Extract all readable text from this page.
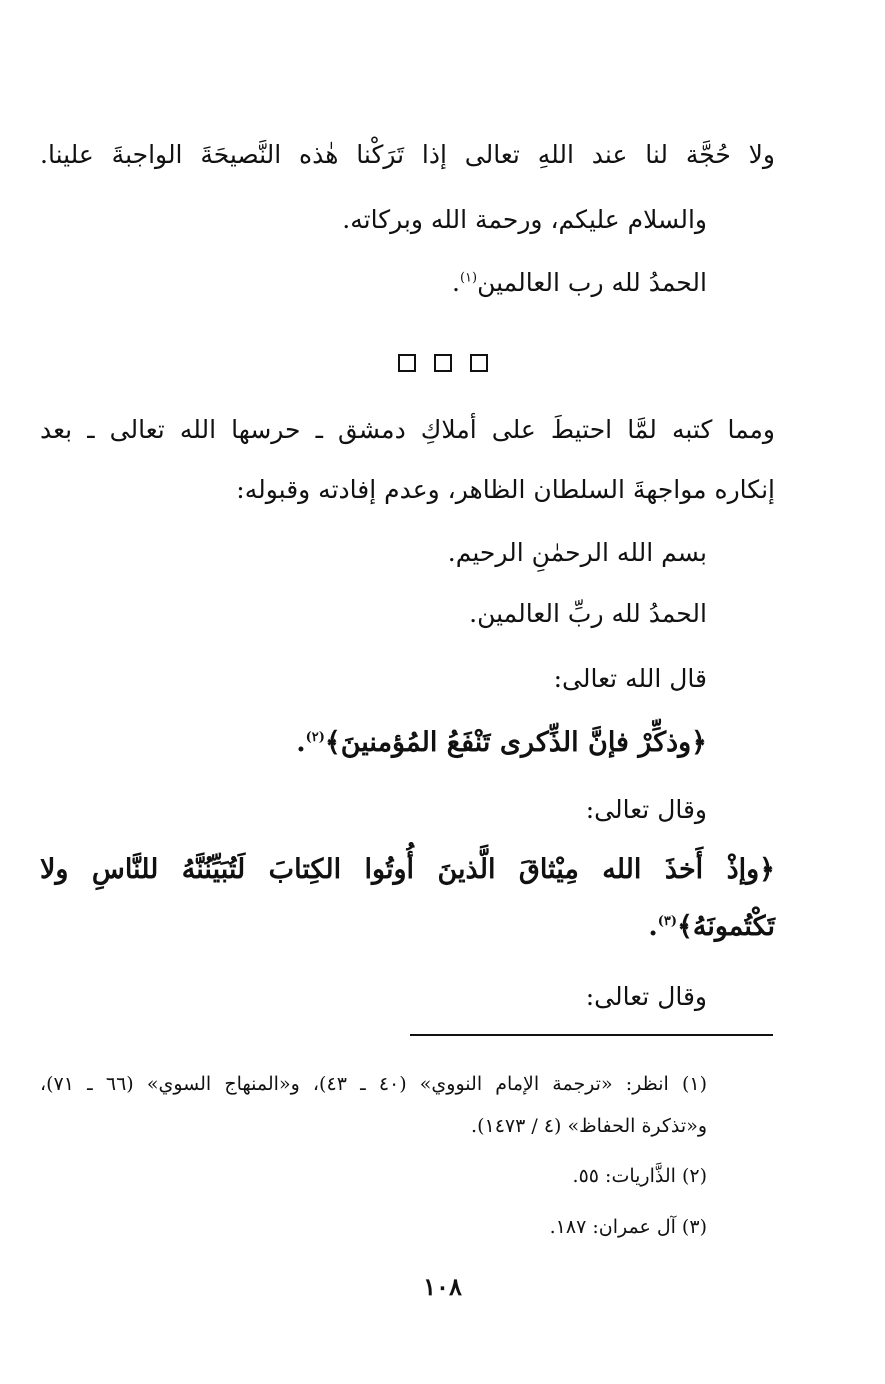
ولا حُجَّة لنا عند اللهِ تعالى إذا تَرَكْنا هٰذه النَّصيحَةَ الواجبةَ علينا.
والسلام عليكم، ورحمة الله وبركاته.
الحمدُ لله رب العالمين$^{(١)}$.
ومما كتبه لمَّا احتيطَ على أملاكِ دمشق ـ حرسها الله تعالى ـ بعد
إنكاره مواجهةَ السلطان الظاهر، وعدم إفادته وقبوله:
بسم الله الرحمٰنِ الرحيم.
الحمدُ لله ربِّ العالمين.
قال الله تعالى:
﴿وذكِّرْ فإنَّ الذِّكرى تَنْفَعُ المُؤمنينَ﴾$^{(٢)}$.
وقال تعالى:
﴿وإذْ أَخذَ الله مِيْثاقَ الَّذينَ أُوتُوا الكِتابَ لَتُبَيِّنُنَّهُ للنَّاسِ ولا
تَكْتُمونَهُ﴾$^{(٣)}$.
وقال تعالى:
(١) انظر: «ترجمة الإمام النووي» (٤٠ ـ ٤٣)، و«المنهاج السوي» (٦٦ ـ ٧١)،
و«تذكرة الحفاظ» (٤ / ١٤٧٣).
(٢) الذَّاريات: ٥٥.
(٣) آل عمران: ١٨٧.
١٠٨
